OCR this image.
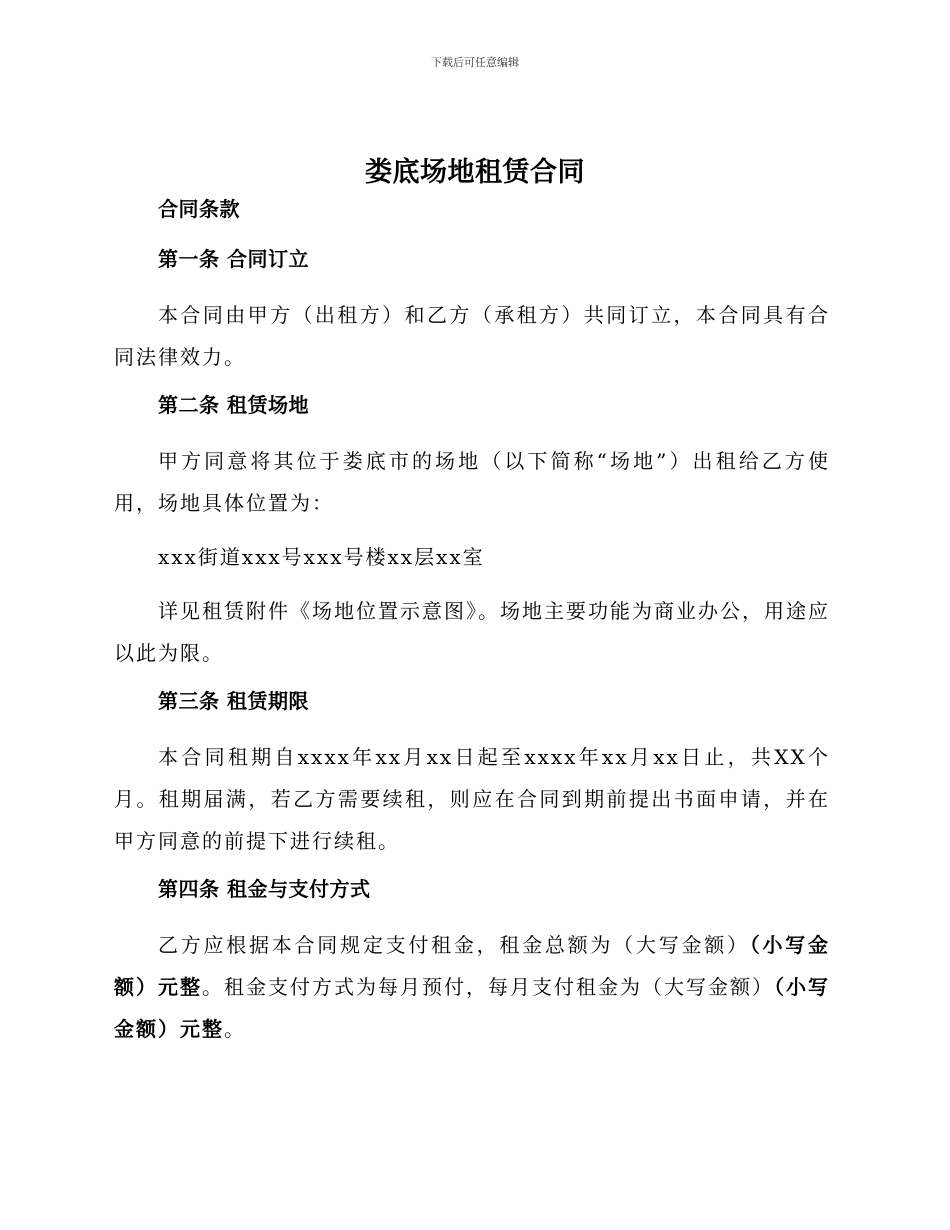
下载后可任意编辑
娄底场地租赁合同
合同条款
第一条 合同订立

本合同由甲方（出租方）和乙方（承租方）共同订立，本合同具有合同法律效力。

第二条 租赁场地

甲方同意将其位于娄底市的场地（以下简称“场地”）出租给乙方使用，场地具体位置为：

xxx街道xxx号xxx号楼xx层xx室

详见租赁附件《场地位置示意图》。场地主要功能为商业办公，用途应以此为限。

第三条 租赁期限

本合同租期自xxxx年xx月xx日起至xxxx年xx月xx日止，共XX个月。租期届满，若乙方需要续租，则应在合同到期前提出书面申请，并在甲方同意的前提下进行续租。

第四条 租金与支付方式

乙方应根据本合同规定支付租金，租金总额为（大写金额）（小写金额）元整。租金支付方式为每月预付，每月支付租金为（大写金额）（小写金额）元整。
